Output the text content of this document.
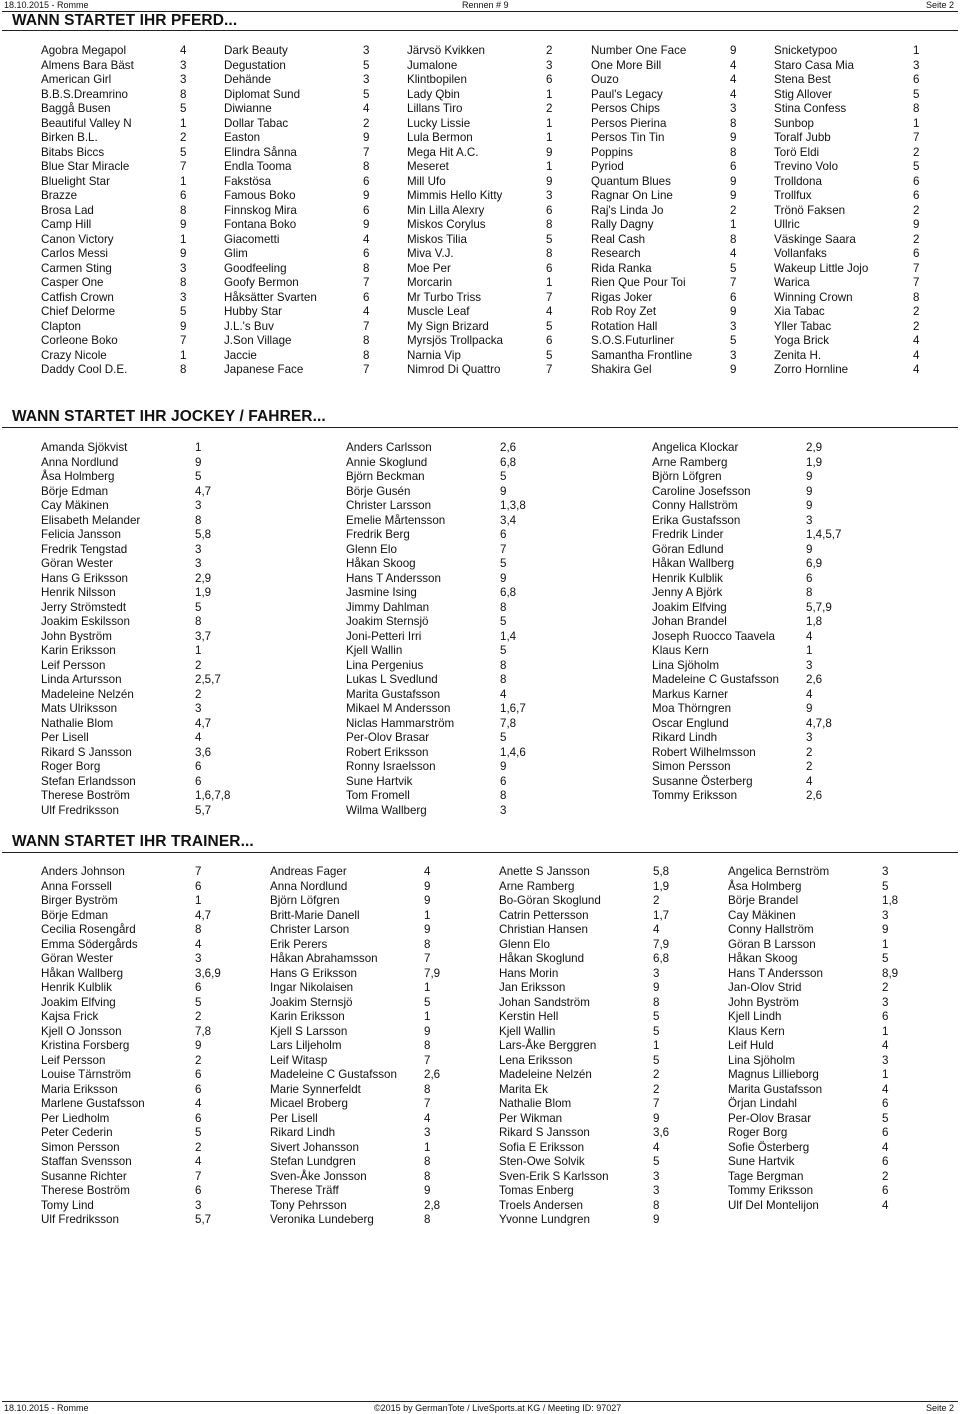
18.10.2015 - Romme	Rennen # 9	Seite 2
WANN STARTET IHR PFERD...
Agobra Megapol	4
Almens Bara Bäst	3
American Girl	3
B.B.S.Dreamrino	8
Baggå Busen	5
Beautiful Valley N	1
Birken B.L.	2
Bitabs Biccs	5
Blue Star Miracle	7
Bluelight Star	1
Brazze	6
Brosa Lad	8
Camp Hill	9
Canon Victory	1
Carlos Messi	9
Carmen Sting	3
Casper One	8
Catfish Crown	3
Chief Delorme	5
Clapton	9
Corleone Boko	7
Crazy Nicole	1
Daddy Cool D.E.	8
Dark Beauty	3
Degustation	5
Dehände	3
Diplomat Sund	5
Diwianne	4
Dollar Tabac	2
Easton	9
Elindra Sånna	7
Endla Tooma	8
Fakstösa	6
Famous Boko	9
Finnskog Mira	6
Fontana Boko	9
Giacometti	4
Glim	6
Goodfeeling	8
Goofy Bermon	7
Håksätter Svarten	6
Hubby Star	4
J.L.'s Buv	7
J.Son Village	8
Jaccie	8
Japanese Face	7
Järvsö Kvikken	2
Jumalone	3
Klintbopilen	6
Lady Qbin	1
Lillans Tiro	2
Lucky Lissie	1
Lula Bermon	1
Mega Hit A.C.	9
Meseret	1
Mill Ufo	9
Mimmis Hello Kitty	3
Min Lilla Alexry	6
Miskos Corylus	8
Miskos Tilia	5
Miva V.J.	8
Moe Per	6
Morcarin	1
Mr Turbo Triss	7
Muscle Leaf	4
My Sign Brizard	5
Myrsjös Trollpacka	6
Narnia Vip	5
Nimrod Di Quattro	7
Number One Face	9
One More Bill	4
Ouzo	4
Paul's Legacy	4
Persos Chips	3
Persos Pierina	8
Persos Tin Tin	9
Poppins	8
Pyriod	6
Quantum Blues	9
Ragnar On Line	9
Raj's Linda Jo	2
Rally Dagny	1
Real Cash	8
Research	4
Rida Ranka	5
Rien Que Pour Toi	7
Rigas Joker	6
Rob Roy Zet	9
Rotation Hall	3
S.O.S.Futurliner	5
Samantha Frontline	3
Shakira Gel	9
Snicketypoo	1
Staro Casa Mia	3
Stena Best	6
Stig Allover	5
Stina Confess	8
Sunbop	1
Toralf Jubb	7
Torö Eldi	2
Trevino Volo	5
Trolldona	6
Trollfux	6
Trönö Faksen	2
Ullric	9
Väskinge Saara	2
Vollanfaks	6
Wakeup Little Jojo	7
Warica	7
Winning Crown	8
Xia Tabac	2
Yller Tabac	2
Yoga Brick	4
Zenita H.	4
Zorro Hornline	4
WANN STARTET IHR JOCKEY / FAHRER...
Amanda Sjökvist	1
Anna Nordlund	9
Åsa Holmberg	5
Börje Edman	4,7
Cay Mäkinen	3
Elisabeth Melander	8
Felicia Jansson	5,8
Fredrik Tengstad	3
Göran Wester	3
Hans G Eriksson	2,9
Henrik Nilsson	1,9
Jerry Strömstedt	5
Joakim Eskilsson	8
John Byström	3,7
Karin Eriksson	1
Leif Persson	2
Linda Artursson	2,5,7
Madeleine Nelzén	2
Mats Ulriksson	3
Nathalie Blom	4,7
Per Lisell	4
Rikard S Jansson	3,6
Roger Borg	6
Stefan Erlandsson	6
Therese Boström	1,6,7,8
Ulf Fredriksson	5,7
Anders Carlsson	2,6
Annie Skoglund	6,8
Björn Beckman	5
Börje Gusén	9
Christer Larsson	1,3,8
Emelie Mårtensson	3,4
Fredrik Berg	6
Glenn Elo	7
Håkan Skoog	5
Hans T Andersson	9
Jasmine Ising	6,8
Jimmy Dahlman	8
Joakim Sternsjö	5
Joni-Petteri Irri	1,4
Kjell Wallin	5
Lina Pergenius	8
Lukas L Svedlund	8
Marita Gustafsson	4
Mikael M Andersson	1,6,7
Niclas Hammarström	7,8
Per-Olov Brasar	5
Robert Eriksson	1,4,6
Ronny Israelsson	9
Sune Hartvik	6
Tom Fromell	8
Wilma Wallberg	3
Angelica Klockar	2,9
Arne Ramberg	1,9
Björn Löfgren	9
Caroline Josefsson	9
Conny Hallström	9
Erika Gustafsson	3
Fredrik Linder	1,4,5,7
Göran Edlund	9
Håkan Wallberg	6,9
Henrik Kulblik	6
Jenny A Björk	8
Joakim Elfving	5,7,9
Johan Brandel	1,8
Joseph Ruocco Taavela	4
Klaus Kern	1
Lina Sjöholm	3
Madeleine C Gustafsson 2,6
Markus Karner	4
Moa Thörngren	9
Oscar Englund	4,7,8
Rikard Lindh	3
Robert Wilhelmsson	2
Simon Persson	2
Susanne Österberg	4
Tommy Eriksson	2,6
WANN STARTET IHR TRAINER...
Anders Johnson	7
Anna Forssell	6
Birger Byström	1
Börje Edman	4,7
Cecilia Rosengård	8
Emma Södergårds	4
Göran Wester	3
Håkan Wallberg	3,6,9
Henrik Kulblik	6
Joakim Elfving	5
Kajsa Frick	2
Kjell O Jonsson	7,8
Kristina Forsberg	9
Leif Persson	2
Louise Tärnström	6
Maria Eriksson	6
Marlene Gustafsson	4
Per Liedholm	6
Peter Cederin	5
Simon Persson	2
Staffan Svensson	4
Susanne Richter	7
Therese Boström	6
Tomy Lind	3
Ulf Fredriksson	5,7
Andreas Fager	4
Anna Nordlund	9
Björn Löfgren	9
Britt-Marie Danell	1
Christer Larson	9
Erik Perers	8
Håkan Abrahamsson	7
Hans G Eriksson	7,9
Ingar Nikolaisen	1
Joakim Sternsjö	5
Karin Eriksson	1
Kjell S Larsson	9
Lars Liljeholm	8
Leif Witasp	7
Madeleine C Gustafsson 2,6
Marie Synnerfeldt	8
Micael Broberg	7
Per Lisell	4
Rikard Lindh	3
Sivert Johansson	1
Stefan Lundgren	8
Sven-Åke Jonsson	8
Therese Träff	9
Tony Pehrsson	2,8
Veronika Lundeberg	8
Anette S Jansson	5,8
Arne Ramberg	1,9
Bo-Göran Skoglund	2
Catrin Pettersson	1,7
Christian Hansen	4
Glenn Elo	7,9
Håkan Skoglund	6,8
Hans Morin	3
Jan Eriksson	9
Johan Sandström	8
Kerstin Hell	5
Kjell Wallin	5
Lars-Åke Berggren	1
Lena Eriksson	5
Madeleine Nelzén	2
Marita Ek	2
Nathalie Blom	7
Per Wikman	9
Rikard S Jansson	3,6
Sofia E Eriksson	4
Sten-Owe Solvik	5
Sven-Erik S Karlsson	3
Tomas Enberg	3
Troels Andersen	8
Yvonne Lundgren	9
Angelica Bernström	3
Åsa Holmberg	5
Börje Brandel	1,8
Cay Mäkinen	3
Conny Hallström	9
Göran B Larsson	1
Håkan Skoog	5
Hans T Andersson	8,9
Jan-Olov Strid	2
John Byström	3
Kjell Lindh	6
Klaus Kern	1
Leif Huld	4
Lina Sjöholm	3
Magnus Lillieborg	1
Marita Gustafsson	4
Örjan Lindahl	6
Per-Olov Brasar	5
Roger Borg	6
Sofie Österberg	4
Sune Hartvik	6
Tage Bergman	2
Tommy Eriksson	6
Ulf Del Montelijon	4
18.10.2015 - Romme	©2015 by GermanTote / LiveSports.at KG / Meeting ID: 97027	Seite 2
